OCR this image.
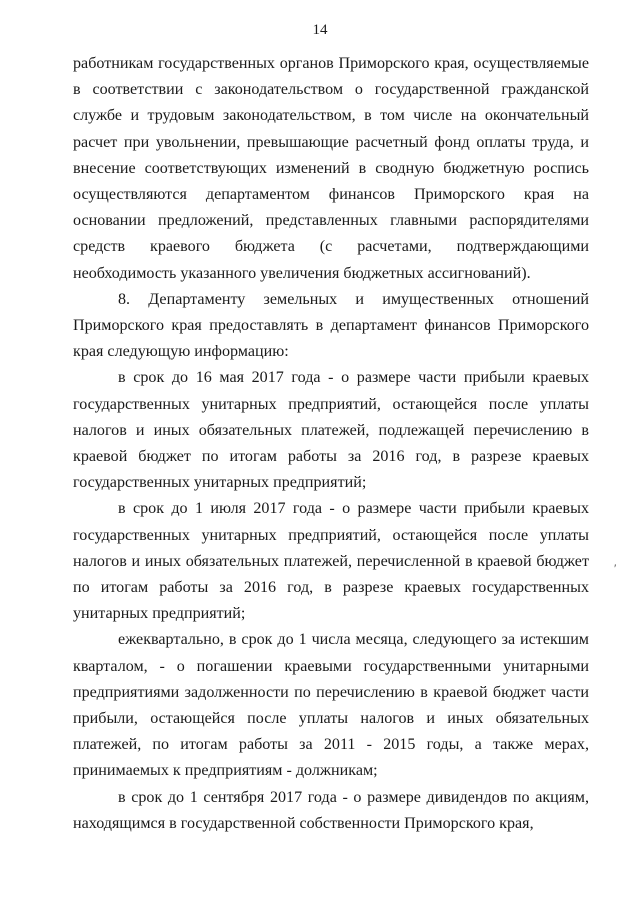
14

работникам государственных органов Приморского края, осуществляемые в соответствии с законодательством о государственной гражданской службе и трудовым законодательством, в том числе на окончательный расчет при увольнении, превышающие расчетный фонд оплаты труда, и внесение соответствующих изменений в сводную бюджетную роспись осуществляются департаментом финансов Приморского края на основании предложений, представленных главными распорядителями средств краевого бюджета (с расчетами, подтверждающими необходимость указанного увеличения бюджетных ассигнований).

8. Департаменту земельных и имущественных отношений Приморского края предоставлять в департамент финансов Приморского края следующую информацию:

в срок до 16 мая 2017 года - о размере части прибыли краевых государственных унитарных предприятий, остающейся после уплаты налогов и иных обязательных платежей, подлежащей перечислению в краевой бюджет по итогам работы за 2016 год, в разрезе краевых государственных унитарных предприятий;

в срок до 1 июля 2017 года - о размере части прибыли краевых государственных унитарных предприятий, остающейся после уплаты налогов и иных обязательных платежей, перечисленной в краевой бюджет по итогам работы за 2016 год, в разрезе краевых государственных унитарных предприятий;

ежеквартально, в срок до 1 числа месяца, следующего за истекшим кварталом, - о погашении краевыми государственными унитарными предприятиями задолженности по перечислению в краевой бюджет части прибыли, остающейся после уплаты налогов и иных обязательных платежей, по итогам работы за 2011 - 2015 годы, а также мерах, принимаемых к предприятиям - должникам;

в срок до 1 сентября 2017 года - о размере дивидендов по акциям, находящимся в государственной собственности Приморского края,

′
